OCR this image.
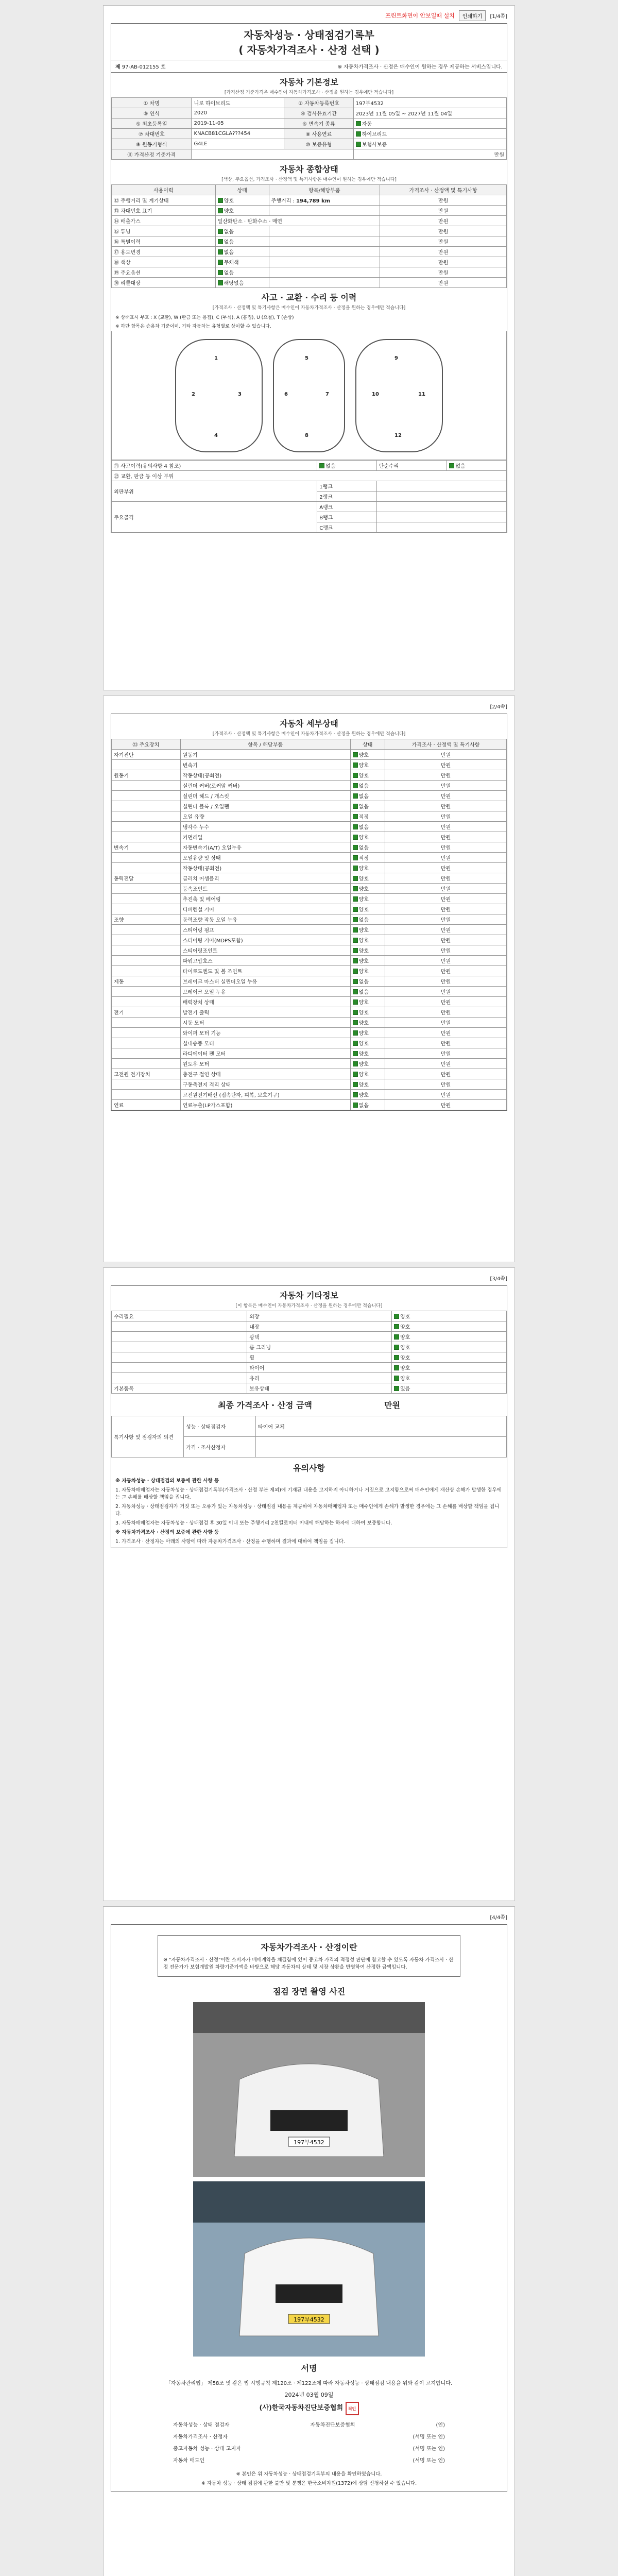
프린트화면이 안보일때 설치	인쇄하기	[1/4쪽]
자동차성능 · 상태점검기록부
( 자동차가격조사 · 산정 선택 )
제 97-AB-012155 호	※ 자동차가격조사 · 산정은 매수인이 원하는 경우 제공하는 서비스입니다.
자동차 기본정보
[가격산정 기준가격은 매수인이 자동차가격조사 · 산정을 원하는 경우에만 적습니다]
① 차명	니로 하이브리드	② 자동차등록번호	197부4532
③ 연식	2020	④ 검사유효기간	2023년 11월 05일 ~ 2027년 11월 04일
⑤ 최초등록일	2019-11-05	⑥ 변속기 종류	자동
⑦ 차대번호	KNACB81CGLA???454	⑧ 사용연료	하이브리드
⑨ 원동기형식	G4LE	⑩ 보증유형	보험사보증
⑪ 가격산정 기준가격			만원
자동차 종합상태
[색상, 주요옵션, 가격조사 · 산정액 및 특기사항은 매수인이 원하는 경우에만 적습니다]
사용이력	상태	항목/해당부품	가격조사 · 산정액 및 특기사항
⑫ 주행거리 및 계기상태	양호	주행거리 : 194,789 km	만원
⑬ 차대번호 표기	양호		만원
⑭ 배출가스	일산화탄소 · 탄화수소 · 매연		만원
⑮ 튜닝	없음		만원
⑯ 특별이력	없음		만원
⑰ 용도변경	없음		만원
⑱ 색상	무채색		만원
⑲ 주요옵션	없음		만원
⑳ 리콜대상	해당없음		만원
사고 · 교환 · 수리 등 이력
[가격조사 · 산정액 및 특기사항은 매수인이 자동차가격조사 · 산정을 원하는 경우에만 적습니다]
※ 상태표시 부호 : X (교환), W (판금 또는 용접), C (부식), A (흠집), U (요철), T (손상)
※ 하단 항목은 승용차 기준이며, 기타 자동차는 유형별로 상이할 수 있습니다.
1
2	3
4
5
6	7
8
9
10	11
12
㉑ 사고이력(유의사항 4 참조)	없음	단순수리	없음
㉒ 교환, 판금 등 이상 부위			
외판부위	1랭크		
	2랭크		
주요골격	A랭크		
	B랭크		
	C랭크		
[2/4쪽]
자동차 세부상태
[가격조사 · 산정액 및 특기사항은 매수인이 자동차가격조사 · 산정을 원하는 경우에만 적습니다]
㉓ 주요장치	항목 / 해당부품	상태	가격조사 · 산정액 및 특기사항
자기진단	원동기	양호	만원
	변속기	양호	만원
원동기	작동상태(공회전)	양호	만원
	실린더 커버(로커암 커버)	없음	만원
	실린더 헤드 / 개스킷	없음	만원
	실린더 블록 / 오일팬	없음	만원
	오일 유량	적정	만원
	냉각수 누수	없음	만원
	커먼레일	양호	만원
변속기	자동변속기(A/T) 오일누유	없음	만원
	오일유량 및 상태	적정	만원
	작동상태(공회전)	양호	만원
동력전달	클러치 어셈블리	양호	만원
	등속조인트	양호	만원
	추진축 및 베어링	양호	만원
	디퍼렌셜 기어	양호	만원
조향	동력조향 작동 오일 누유	없음	만원
	스티어링 펌프	양호	만원
	스티어링 기어(MDPS포함)	양호	만원
	스티어링조인트	양호	만원
	파워고압호스	양호	만원
	타이로드엔드 및 볼 조인트	양호	만원
제동	브레이크 마스터 실린더오일 누유	없음	만원
	브레이크 오일 누유	없음	만원
	배력장치 상태	양호	만원
전기	발전기 출력	양호	만원
	시동 모터	양호	만원
	와이퍼 모터 기능	양호	만원
	실내송풍 모터	양호	만원
	라디에이터 팬 모터	양호	만원
	윈도우 모터	양호	만원
고전원 전기장치	충전구 절연 상태	양호	만원
	구동축전지 격리 상태	양호	만원
	고전원전기배선 (접속단자, 피복, 보호기구)	양호	만원
연료	연료누출(LP가스포함)	없음	만원
[3/4쪽]
자동차 기타정보
[이 항목은 매수인이 자동차가격조사 · 산정을 원하는 경우에만 적습니다]
수리필요	외장	양호
	내장	양호
	광택	양호
	룸 크리닝	양호
	휠	양호
	타이어	양호
	유리	양호
기본품목	보유상태	있음
최종 가격조사 · 산정 금액	만원
특기사항 및 점검자의 의견	성능 · 상태점검자	타이어 교체
	가격 · 조사산정자	
유의사항

※ 자동차성능 · 상태점검의 보증에 관한 사항 등

1. 자동차매매업자는 자동차성능 · 상태점검기록부(가격조사 · 산정 부분 제외)에 기재된 내용을 고지하지 아니하거나 거짓으로 고지함으로써 매수인에게 재산상 손해가 발생한 경우에는 그 손해를 배상할 책임을 집니다.

2. 자동차성능 · 상태점검자가 거짓 또는 오류가 있는 자동차성능 · 상태점검 내용을 제공하여 자동차매매업자 또는 매수인에게 손해가 발생한 경우에는 그 손해를 배상할 책임을 집니다.

3. 자동차매매업자는 자동차성능 · 상태점검 후 30일 이내 또는 주행거리 2천킬로미터 이내에 해당하는 하자에 대하여 보증합니다.

※ 자동차가격조사 · 산정의 보증에 관한 사항 등

1. 가격조사 · 산정자는 아래의 사항에 따라 자동차가격조사 · 산정을 수행하며 결과에 대하여 책임을 집니다.

[4/4쪽]
자동차가격조사 · 산정이란
※ "자동차가격조사 · 산정"이란 소비자가 매매계약을 체결함에 있어 중고차 가격의 적정성 판단에 참고할 수 있도록 자동차 가격조사 · 산정 전문가가 보험개발원 차량기준가액을 바탕으로 해당 자동차의 상태 및 시장 상황을 반영하여 산정한 금액입니다.
점검 장면 촬영 사진
197부4532
197부4532
서명

「자동차관리법」 제58조 및 같은 법 시행규칙 제120조 · 제122조에 따라 자동차성능 · 상태점검 내용을 위와 같이 고지합니다.

2024년 03월 09일

(사)한국자동차진단보증협회 직인

자동차성능 · 상태 점검자	자동차진단보증협회	(인)
자동차가격조사 · 산정자	(서명 또는 인)
중고자동차 성능 · 상태 고지자	(서명 또는 인)
자동차 매도인	(서명 또는 인)

※ 본인은 위 자동차성능 · 상태점검기록부의 내용을 확인하였습니다.

※ 자동차 성능 · 상태 점검에 관한 불만 및 분쟁은 한국소비자원(1372)에 상담 신청하실 수 있습니다.
